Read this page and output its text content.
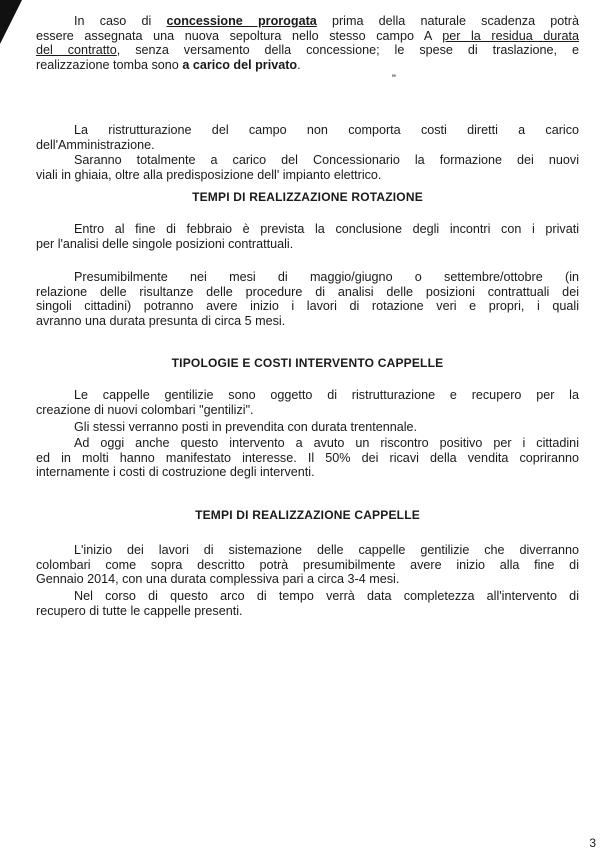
In caso di concessione prorogata prima della naturale scadenza potrà
essere assegnata una nuova sepoltura nello stesso campo A per la residua durata
del contratto, senza versamento della concessione; le spese di traslazione, e
realizzazione tomba sono a carico del privato.

"

La ristrutturazione del campo non comporta costi diretti a carico
dell'Amministrazione.

Saranno totalmente a carico del Concessionario la formazione dei nuovi
viali in ghiaia, oltre alla predisposizione dell' impianto elettrico.

TEMPI DI REALIZZAZIONE ROTAZIONE

Entro al fine di febbraio è prevista la conclusione degli incontri con i privati
per l'analisi delle singole posizioni contrattuali.

Presumibilmente nei mesi di maggio/giugno o settembre/ottobre (in
relazione delle risultanze delle procedure di analisi delle posizioni contrattuali dei
singoli cittadini) potranno avere inizio i lavori di rotazione veri e propri, i quali
avranno una durata presunta di circa 5 mesi.

TIPOLOGIE E COSTI INTERVENTO CAPPELLE

Le cappelle gentilizie sono oggetto di ristrutturazione e recupero per la
creazione di nuovi colombari "gentilizi".

Gli stessi verranno posti in prevendita con durata trentennale.

Ad oggi anche questo intervento a avuto un riscontro positivo per i cittadini
ed in molti hanno manifestato interesse. Il 50% dei ricavi della vendita copriranno
internamente i costi di costruzione degli interventi.

TEMPI DI REALIZZAZIONE CAPPELLE

L'inizio dei lavori di sistemazione delle cappelle gentilizie che diverranno
colombari come sopra descritto potrà presumibilmente avere inizio alla fine di
Gennaio 2014, con una durata complessiva pari a circa 3-4 mesi.

Nel corso di questo arco di tempo verrà data completezza all'intervento di
recupero di tutte le cappelle presenti.

3
